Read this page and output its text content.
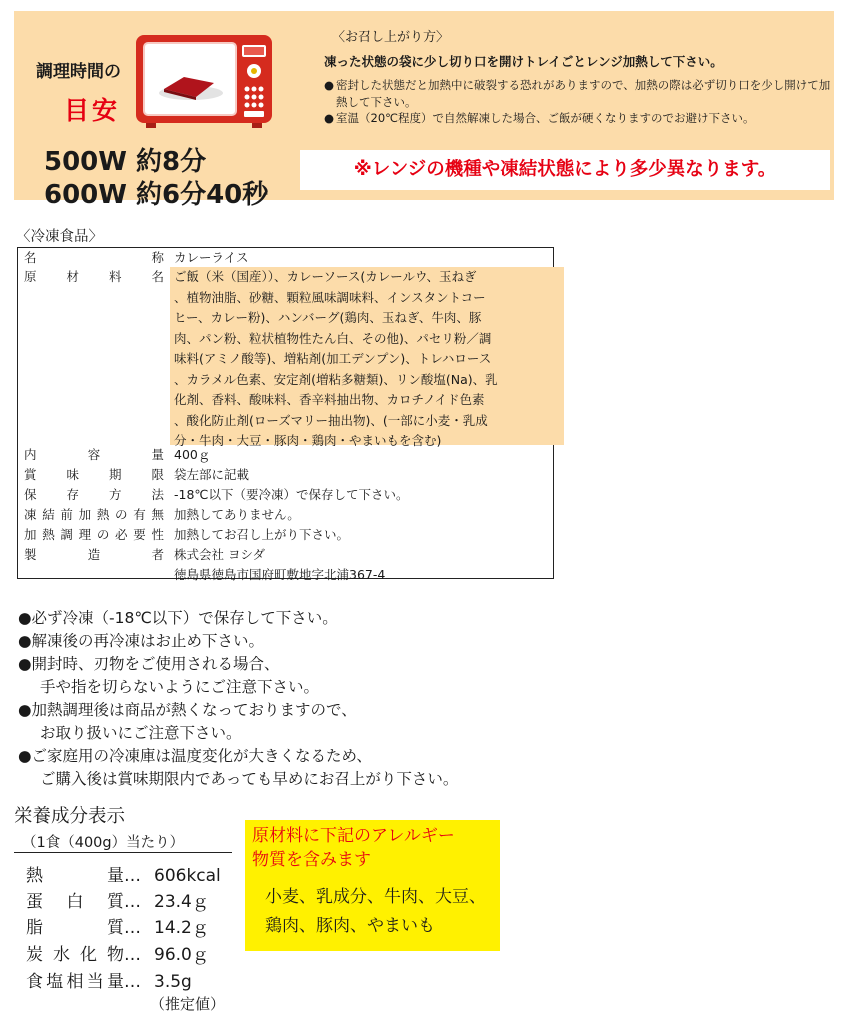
調理時間の
目安
500W 約8分
600W 約6分40秒
〈お召し上がり方〉
凍った状態の袋に少し切り口を開けトレイごとレンジ加熱して下さい。
● 密封した状態だと加熱中に破裂する恐れがありますので、加熱の際は必ず切り口を少し開けて加熱して下さい。
● 室温（20℃程度）で自然解凍した場合、ご飯が硬くなりますのでお避け下さい。
※レンジの機種や凍結状態により多少異なります。
〈冷凍食品〉
名称 カレーライス
原材料名 ご飯（米（国産））、カレーソース(カレールウ、玉ねぎ
、植物油脂、砂糖、顆粒風味調味料、インスタントコー
ヒー、カレー粉)、ハンバーグ(鶏肉、玉ねぎ、牛肉、豚
肉、パン粉、粒状植物性たん白、その他)、パセリ粉／調
味料(アミノ酸等)、増粘剤(加工デンプン)、トレハロース
、カラメル色素、安定剤(増粘多糖類)、リン酸塩(Na)、乳
化剤、香料、酸味料、香辛料抽出物、カロチノイド色素
、酸化防止剤(ローズマリー抽出物)、(一部に小麦・乳成
分・牛肉・大豆・豚肉・鶏肉・やまいもを含む)
内容量 400ｇ
賞味期限 袋左部に記載
保存方法 -18℃以下（要冷凍）で保存して下さい。
凍結前加熱の有無 加熱してありません。
加熱調理の必要性 加熱してお召し上がり下さい。
製造者 株式会社 ヨシダ
徳島県徳島市国府町敷地字北浦367-4
●必ず冷凍（-18℃以下）で保存して下さい。
●解凍後の再冷凍はお止め下さい。
●開封時、刃物をご使用される場合、
手や指を切らないようにご注意下さい。
●加熱調理後は商品が熱くなっておりますので、
お取り扱いにご注意下さい。
●ご家庭用の冷凍庫は温度変化が大きくなるため、
ご購入後は賞味期限内であっても早めにお召上がり下さい。
栄養成分表示
（1食（400g）当たり）
熱量… 606kcal
蛋白質… 23.4ｇ
脂質… 14.2ｇ
炭水化物… 96.0ｇ
食塩相当量… 3.5g
（推定値）
原材料に下記のアレルギー
物質を含みます
小麦、乳成分、牛肉、大豆、
鶏肉、豚肉、やまいも
